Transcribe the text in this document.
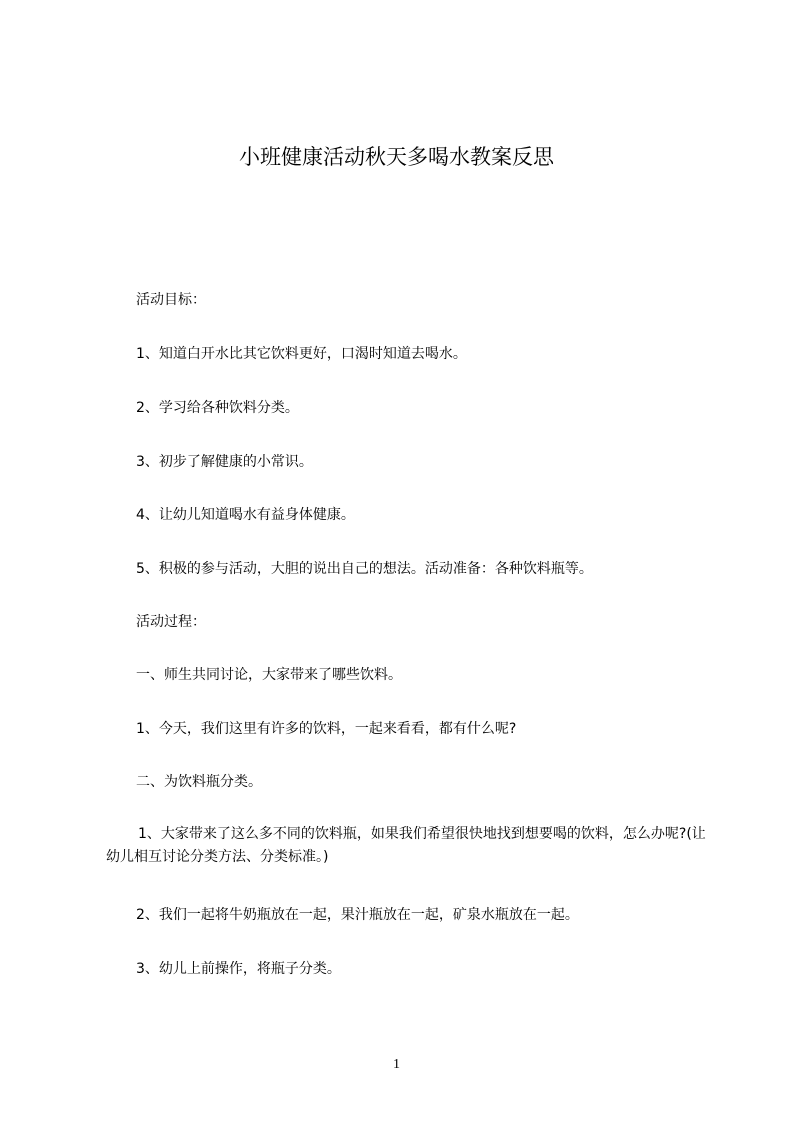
小班健康活动秋天多喝水教案反思
活动目标：
1、知道白开水比其它饮料更好，口渴时知道去喝水。
2、学习给各种饮料分类。
3、初步了解健康的小常识。
4、让幼儿知道喝水有益身体健康。
5、积极的参与活动，大胆的说出自己的想法。活动准备：各种饮料瓶等。
活动过程：
一、师生共同讨论，大家带来了哪些饮料。
1、今天，我们这里有许多的饮料，一起来看看，都有什么呢?
二、为饮料瓶分类。
1、大家带来了这么多不同的饮料瓶，如果我们希望很快地找到想要喝的饮料，怎么办呢?(让幼儿相互讨论分类方法、分类标准。)
2、我们一起将牛奶瓶放在一起，果汁瓶放在一起，矿泉水瓶放在一起。
3、幼儿上前操作，将瓶子分类。
1
